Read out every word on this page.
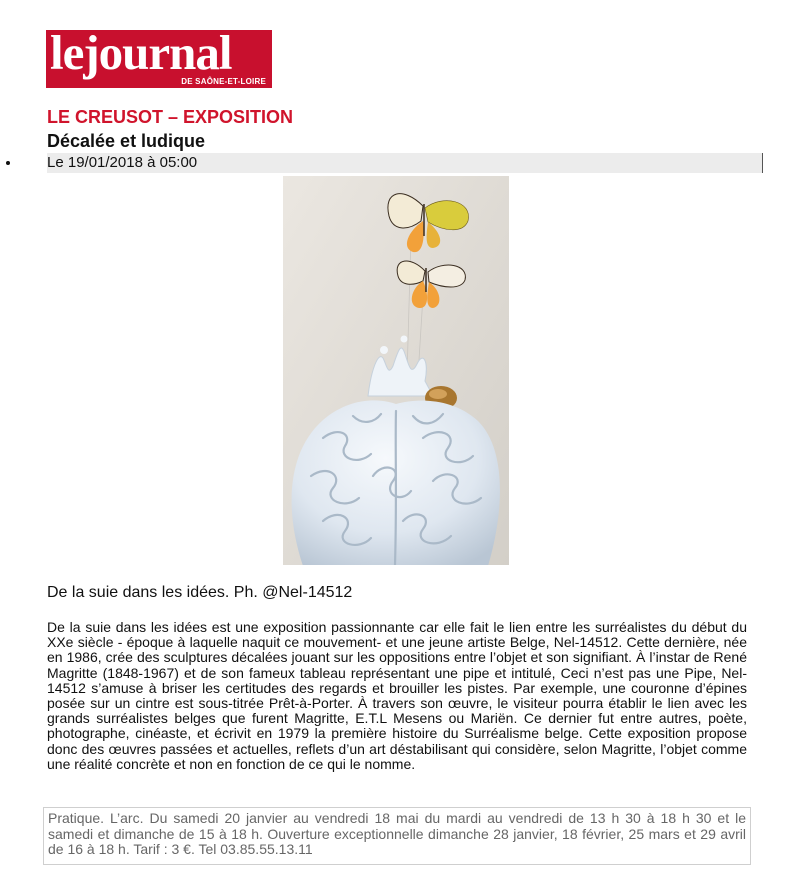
lejournal
DE SAÔNE-ET-LOIRE
LE CREUSOT – EXPOSITION
Décalée et ludique
Le 19/01/2018 à 05:00
De la suie dans les idées. Ph. @Nel-14512

De la suie dans les idées est une exposition passionnante car elle fait le lien entre les surréalistes du début du XXe siècle - époque à laquelle naquit ce mouvement- et une jeune artiste Belge, Nel-14512. Cette dernière, née en 1986, crée des sculptures décalées jouant sur les oppositions entre l’objet et son signifiant. À l’instar de René Magritte (1848-1967) et de son fameux tableau représentant une pipe et intitulé, Ceci n’est pas une Pipe, Nel-14512 s’amuse à briser les certitudes des regards et brouiller les pistes. Par exemple, une couronne d’épines posée sur un cintre est sous-titrée Prêt-à-Porter. À travers son œuvre, le visiteur pourra établir le lien avec les grands surréalistes belges que furent Magritte, E.T.L Mesens ou Mariën. Ce dernier fut entre autres, poète, photographe, cinéaste, et écrivit en 1979 la première histoire du Surréalisme belge. Cette exposition propose donc des œuvres passées et actuelles, reflets d’un art déstabilisant qui considère, selon Magritte, l’objet comme une réalité concrète et non en fonction de ce qui le nomme.

Pratique. L’arc. Du samedi 20 janvier au vendredi 18 mai du mardi au vendredi de 13 h 30 à 18 h 30 et le samedi et dimanche de 15 à 18 h. Ouverture exceptionnelle dimanche 28 janvier, 18 février, 25 mars et 29 avril de 16 à 18 h. Tarif : 3 €. Tel 03.85.55.13.11
